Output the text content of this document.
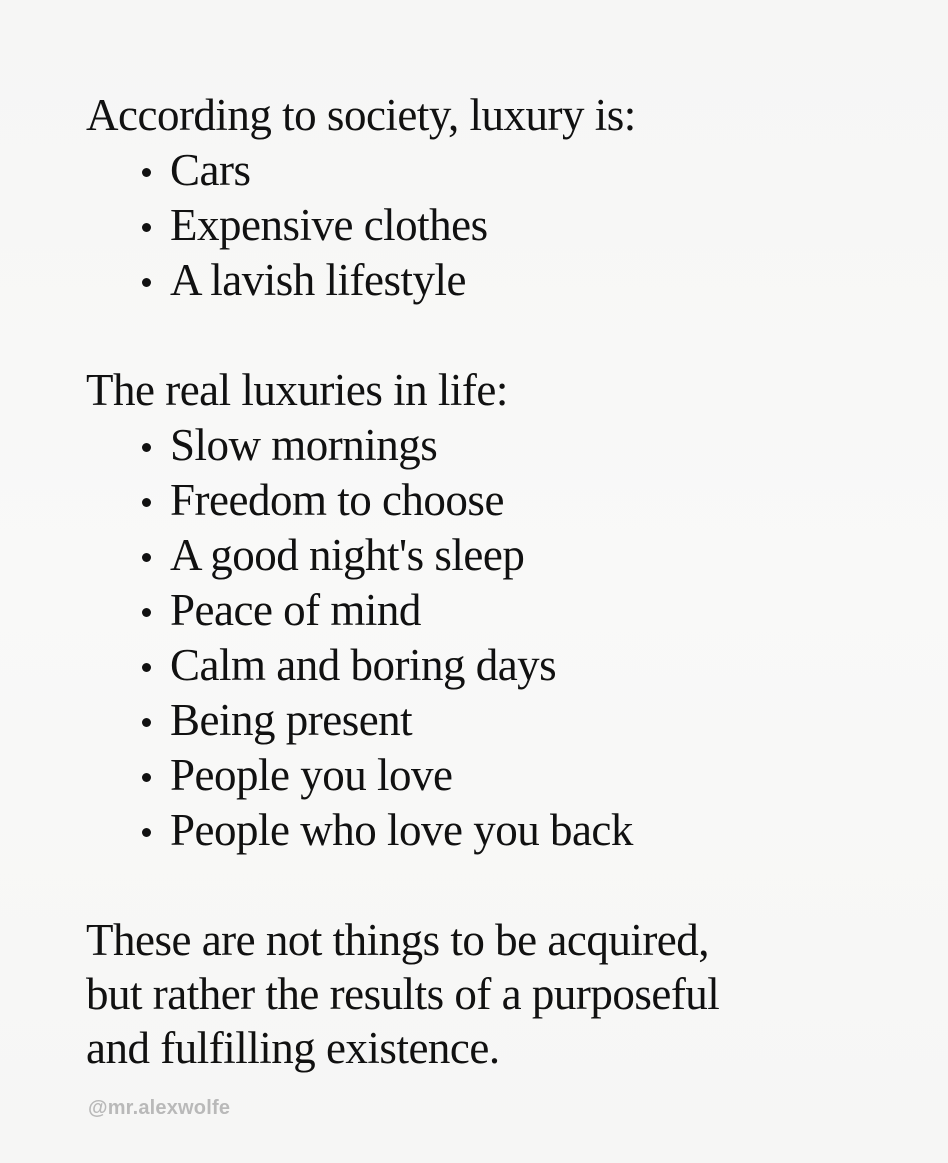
According to society, luxury is:

Cars
Expensive clothes
A lavish lifestyle

The real luxuries in life:

Slow mornings
Freedom to choose
A good night's sleep
Peace of mind
Calm and boring days
Being present
People you love
People who love you back

These are not things to be acquired,
but rather the results of a purposeful
and fulfilling existence.

@mr.alexwolfe
